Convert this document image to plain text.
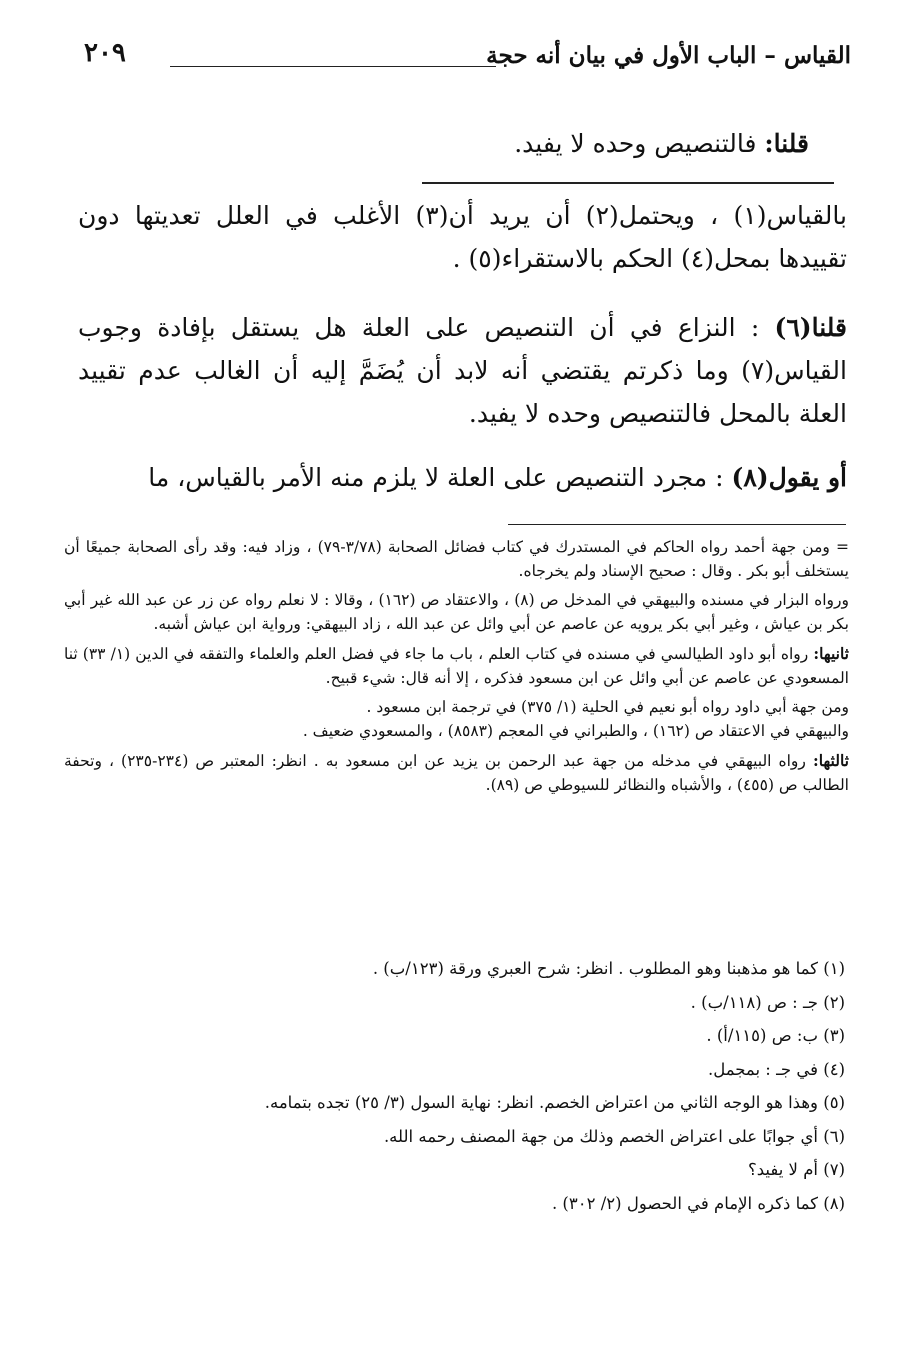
القياس – الباب الأول في بيان أنه حجة
٢٠٩

قلنا: فالتنصيص وحده لا يفيد.

بالقياس(١) ، ويحتمل(٢) أن يريد أن(٣) الأغلب في العلل تعديتها دون تقييدها بمحل(٤) الحكم بالاستقراء(٥) .

قلنا(٦) : النزاع في أن التنصيص على العلة هل يستقل بإفادة وجوب القياس(٧) وما ذكرتم يقتضي أنه لابد أن يُضَمَّ إليه أن الغالب عدم تقييد العلة بالمحل فالتنصيص وحده لا يفيد.

أو يقول(٨) : مجرد التنصيص على العلة لا يلزم منه الأمر بالقياس، ما

= ومن جهة أحمد رواه الحاكم في المستدرك في كتاب فضائل الصحابة (٣/٧٨-٧٩) ، وزاد فيه: وقد رأى الصحابة جميعًا أن يستخلف أبو بكر . وقال : صحيح الإسناد ولم يخرجاه.

ورواه البزار في مسنده والبيهقي في المدخل ص (٨) ، والاعتقاد ص (١٦٢) ، وقالا : لا نعلم رواه عن زر عن عبد الله غير أبي بكر بن عياش ، وغير أبي بكر يرويه عن عاصم عن أبي وائل عن عبد الله ، زاد البيهقي: ورواية ابن عياش أشبه.

ثانيها: رواه أبو داود الطيالسي في مسنده في كتاب العلم ، باب ما جاء في فضل العلم والعلماء والتفقه في الدين (١/ ٣٣) ثنا المسعودي عن عاصم عن أبي وائل عن ابن مسعود فذكره ، إلا أنه قال: شيء قبيح.

ومن جهة أبي داود رواه أبو نعيم في الحلية (١/ ٣٧٥) في ترجمة ابن مسعود .

والبيهقي في الاعتقاد ص (١٦٢) ، والطبراني في المعجم (٨٥٨٣) ، والمسعودي ضعيف .

ثالثها: رواه البيهقي في مدخله من جهة عبد الرحمن بن يزيد عن ابن مسعود به . انظر: المعتبر ص (٢٣٤-٢٣٥) ، وتحفة الطالب ص (٤٥٥) ، والأشباه والنظائر للسيوطي ص (٨٩).

(١) كما هو مذهبنا وهو المطلوب . انظر: شرح العبري ورقة (١٢٣/ب) .

(٢) جـ : ص (١١٨/ب) .

(٣) ب: ص (١١٥/أ) .

(٤) في جـ : بمجمل.

(٥) وهذا هو الوجه الثاني من اعتراض الخصم. انظر: نهاية السول (٣/ ٢٥) تجده بتمامه.

(٦) أي جوابًا على اعتراض الخصم وذلك من جهة المصنف رحمه الله.

(٧) أم لا يفيد؟

(٨) كما ذكره الإمام في الحصول (٢/ ٣٠٢) .
